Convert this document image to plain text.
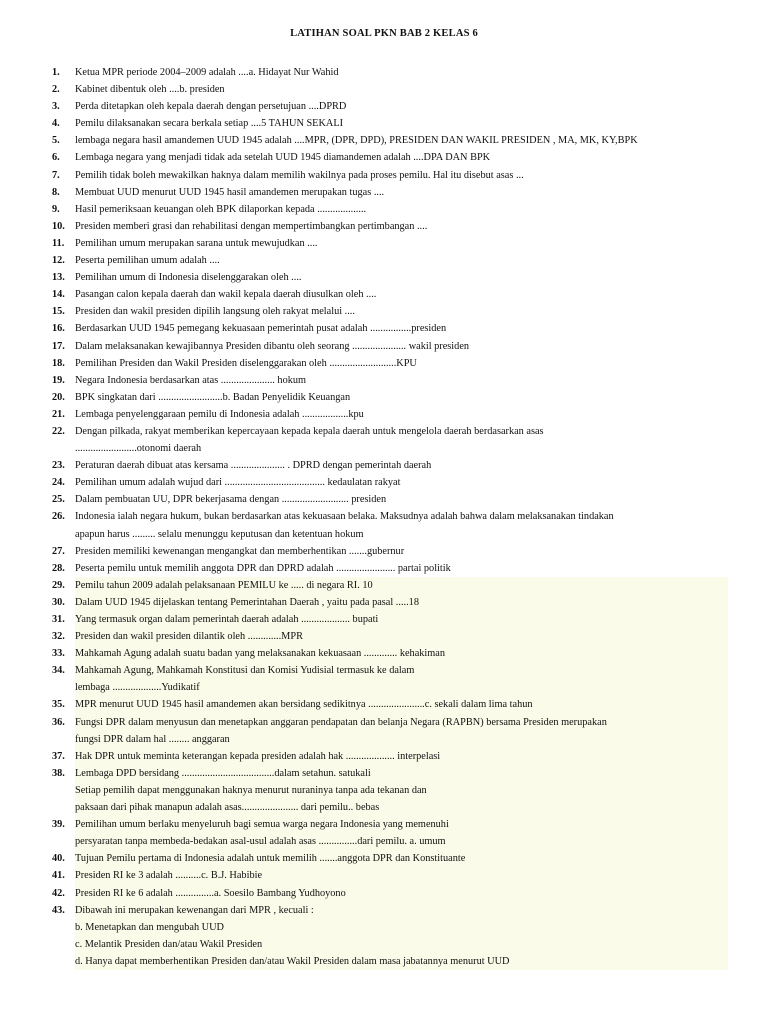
LATIHAN SOAL PKN BAB 2 KELAS 6
1.	Ketua MPR periode 2004–2009 adalah ....a. Hidayat Nur Wahid
2.	Kabinet dibentuk oleh ....b. presiden
3.	Perda ditetapkan oleh kepala daerah dengan persetujuan ....DPRD
4.	Pemilu dilaksanakan secara berkala setiap ....5 TAHUN SEKALI
5.	lembaga negara hasil amandemen UUD 1945 adalah ....MPR, (DPR, DPD), PRESIDEN DAN WAKIL PRESIDEN , MA, MK, KY,BPK
6.	Lembaga negara yang menjadi tidak ada setelah UUD 1945 diamandemen adalah ....DPA DAN BPK
7.	Pemilih tidak boleh mewakilkan haknya dalam memilih wakilnya pada proses pemilu. Hal itu disebut asas ...
8.	Membuat UUD menurut UUD 1945 hasil amandemen merupakan tugas ....
9.	Hasil pemeriksaan keuangan oleh BPK dilaporkan kepada ...................
10. Presiden memberi grasi dan rehabilitasi dengan mempertimbangkan pertimbangan ....
11.	Pemilihan umum merupakan sarana untuk mewujudkan ....
12. Peserta pemilihan umum adalah ....
13. Pemilihan umum di Indonesia diselenggarakan oleh ....
14. Pasangan calon kepala daerah dan wakil kepala daerah diusulkan oleh ....
15. Presiden dan wakil presiden dipilih langsung oleh rakyat melalui ....
16. Berdasarkan UUD 1945 pemegang kekuasaan pemerintah pusat adalah ................presiden
17. Dalam melaksanakan kewajibannya Presiden dibantu oleh seorang ..................... wakil presiden
18. Pemilihan Presiden dan Wakil Presiden diselenggarakan oleh ..........................KPU
19. Negara Indonesia berdasarkan atas ..................... hokum
20. BPK singkatan dari .........................b. Badan Penyelidik Keuangan
21. Lembaga penyelenggaraan pemilu di Indonesia adalah ..................kpu
22. Dengan pilkada, rakyat memberikan kepercayaan kepada kepala daerah untuk mengelola daerah berdasarkan asas
........................otonomi daerah
23. Peraturan daerah dibuat atas kersama ..................... . DPRD dengan pemerintah daerah
24. Pemilihan umum adalah wujud dari ....................................... kedaulatan rakyat
25. Dalam pembuatan UU, DPR bekerjasama dengan .......................... presiden
26. Indonesia ialah negara hukum, bukan berdasarkan atas kekuasaan belaka. Maksudnya adalah bahwa dalam melaksanakan tindakan
apapun harus ......... selalu menunggu keputusan dan ketentuan hokum
27. Presiden memiliki kewenangan mengangkat dan memberhentikan .......gubernur
28. Peserta pemilu untuk memilih anggota DPR dan DPRD adalah ....................... partai politik
29. Pemilu tahun 2009 adalah pelaksanaan PEMILU ke ..... di negara RI. 10
30. Dalam UUD 1945 dijelaskan tentang Pemerintahan Daerah , yaitu pada pasal .....18
31. Yang termasuk organ dalam pemerintah daerah adalah ................... bupati
32. Presiden dan wakil presiden dilantik oleh .............MPR
33. Mahkamah Agung adalah suatu badan yang melaksanakan kekuasaan ............. kehakiman
34. Mahkamah Agung, Mahkamah Konstitusi dan Komisi Yudisial termasuk ke dalam
lembaga ...................Yudikatif
35. MPR menurut UUD 1945 hasil amandemen akan bersidang sedikitnya ......................c. sekali dalam lima tahun
36. Fungsi DPR dalam menyusun dan menetapkan anggaran pendapatan dan belanja Negara (RAPBN) bersama Presiden merupakan
fungsi DPR dalam hal ........ anggaran
37. Hak DPR untuk meminta keterangan kepada presiden adalah hak ................... interpelasi
38. Lembaga DPD bersidang ....................................dalam setahun. satukali
Setiap pemilih dapat menggunakan haknya menurut nuraninya tanpa ada tekanan dan
paksaan dari pihak manapun adalah asas...................... dari pemilu.. bebas
39. Pemilihan umum berlaku menyeluruh bagi semua warga negara Indonesia yang memenuhi
persyaratan tanpa membeda-bedakan asal-usul adalah asas ...............dari pemilu. a. umum
40. Tujuan Pemilu pertama di Indonesia adalah untuk memilih .......anggota DPR dan Konstituante
41. Presiden RI ke 3 adalah ..........c. B.J. Habibie
42. Presiden RI ke 6 adalah ...............a. Soesilo Bambang Yudhoyono
43. Dibawah ini merupakan kewenangan dari MPR , kecuali :
b. Menetapkan dan mengubah UUD
c. Melantik Presiden dan/atau Wakil Presiden
d. Hanya dapat memberhentikan Presiden dan/atau Wakil Presiden dalam masa jabatannya menurut UUD
